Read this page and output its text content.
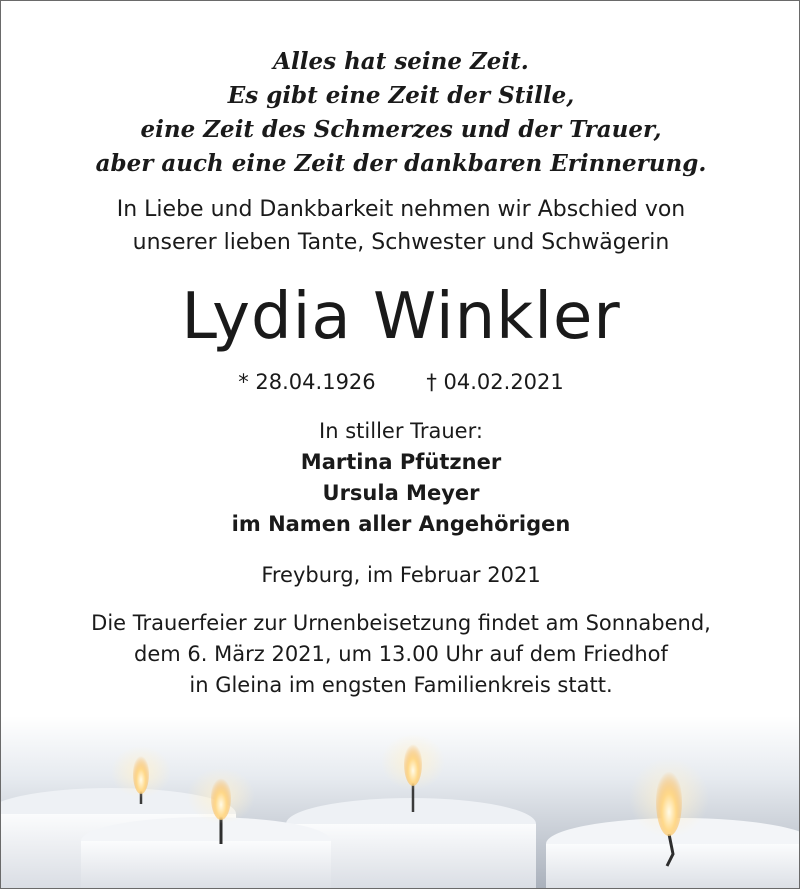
Alles hat seine Zeit.
Es gibt eine Zeit der Stille,
eine Zeit des Schmerzes und der Trauer,
aber auch eine Zeit der dankbaren Erinnerung.
In Liebe und Dankbarkeit nehmen wir Abschied von
unserer lieben Tante, Schwester und Schwägerin
Lydia Winkler
* 28.04.1926 † 04.02.2021
In stiller Trauer:
Martina Pfützner
Ursula Meyer
im Namen aller Angehörigen
Freyburg, im Februar 2021
Die Trauerfeier zur Urnenbeisetzung findet am Sonnabend,
dem 6. März 2021, um 13.00 Uhr auf dem Friedhof
in Gleina im engsten Familienkreis statt.
